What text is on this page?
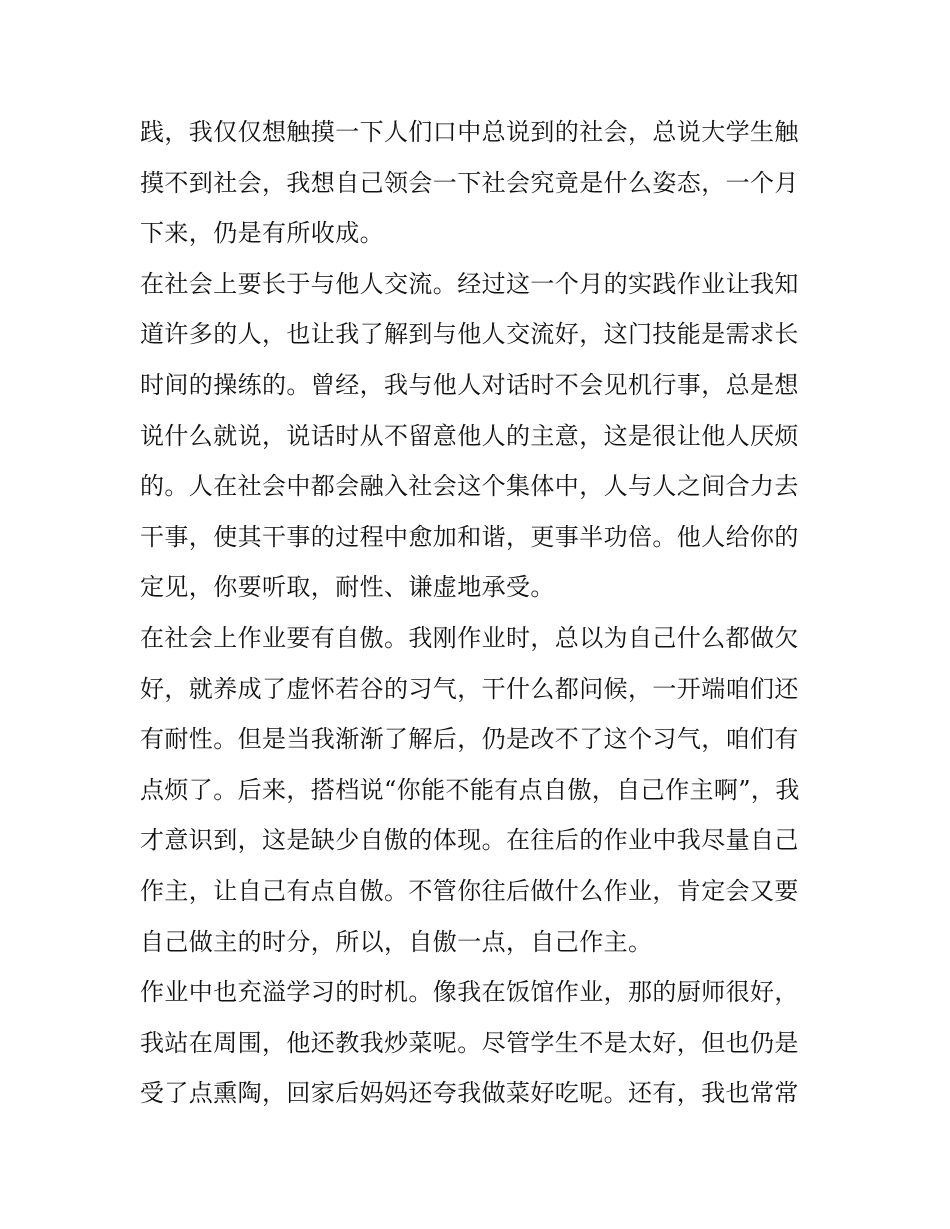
践，我仅仅想触摸一下人们口中总说到的社会，总说大学生触
摸不到社会，我想自己领会一下社会究竟是什么姿态，一个月
下来，仍是有所收成。
在社会上要长于与他人交流。经过这一个月的实践作业让我知
道许多的人，也让我了解到与他人交流好，这门技能是需求长
时间的操练的。曾经，我与他人对话时不会见机行事，总是想
说什么就说，说话时从不留意他人的主意，这是很让他人厌烦
的。人在社会中都会融入社会这个集体中，人与人之间合力去
干事，使其干事的过程中愈加和谐，更事半功倍。他人给你的
定见，你要听取，耐性、谦虚地承受。
在社会上作业要有自傲。我刚作业时，总以为自己什么都做欠
好，就养成了虚怀若谷的习气，干什么都问候，一开端咱们还
有耐性。但是当我渐渐了解后，仍是改不了这个习气，咱们有
点烦了。后来，搭档说“你能不能有点自傲，自己作主啊”，我
才意识到，这是缺少自傲的体现。在往后的作业中我尽量自己
作主，让自己有点自傲。不管你往后做什么作业，肯定会又要
自己做主的时分，所以，自傲一点，自己作主。
作业中也充溢学习的时机。像我在饭馆作业，那的厨师很好，
我站在周围，他还教我炒菜呢。尽管学生不是太好，但也仍是
受了点熏陶，回家后妈妈还夸我做菜好吃呢。还有，我也常常
